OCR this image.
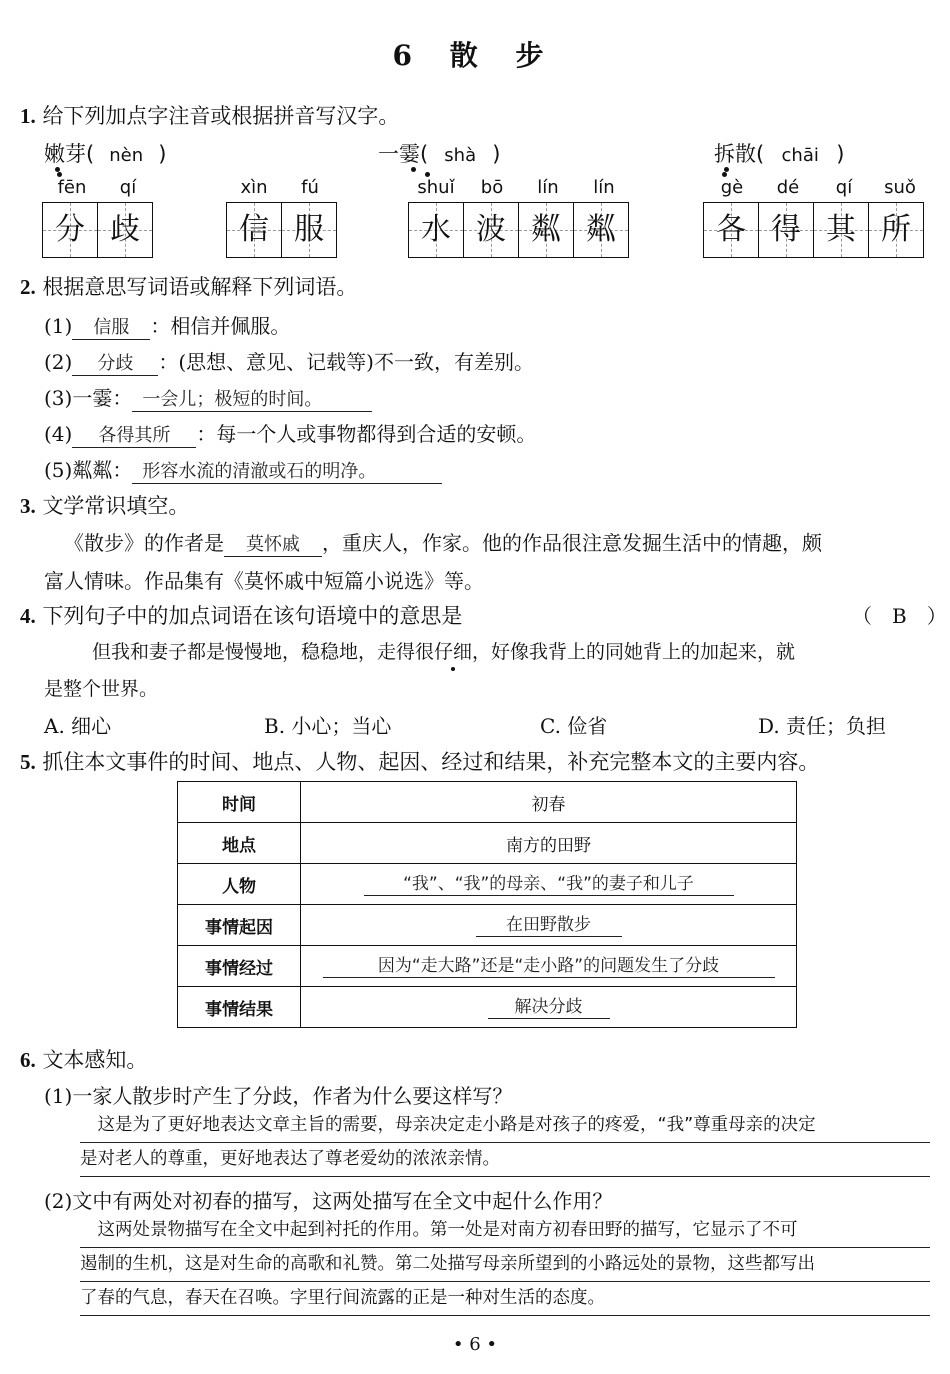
6 散 步
1. 给下列加点字注音或根据拼音写汉字。
嫩芽( nèn )	一霎( shà )	拆散( chāi )
fēn	qí	xìn	fú	shuǐ	bō	lín	lín	gè	dé	qí	suǒ
分 歧	信 服	水 波 粼 粼	各 得 其 所
2. 根据意思写词语或解释下列词语。
(1) 信服 ：相信并佩服。
(2) 分歧 ：(思想、意见、记载等)不一致，有差别。
(3)一霎： 一会儿；极短的时间。
(4) 各得其所 ：每一个人或事物都得到合适的安顿。
(5)粼粼： 形容水流的清澈或石的明净。
3. 文学常识填空。
《散步》的作者是 莫怀戚 ，重庆人，作家。他的作品很注意发掘生活中的情趣，颇
富人情味。作品集有《莫怀戚中短篇小说选》等。
4. 下列句子中的加点词语在该句语境中的意思是	（　B　）
但我和妻子都是慢慢地，稳稳地，走得很仔细，好像我背上的同她背上的加起来，就
是整个世界。
A. 细心	B. 小心；当心	C. 俭省	D. 责任；负担
5. 抓住本文事件的时间、地点、人物、起因、经过和结果，补充完整本文的主要内容。
时间	初春
地点	南方的田野
人物	“我”、“我”的母亲、“我”的妻子和儿子
事情起因	在田野散步
事情经过	因为“走大路”还是“走小路”的问题发生了分歧
事情结果	解决分歧
6. 文本感知。
(1)一家人散步时产生了分歧，作者为什么要这样写？
　这是为了更好地表达文章主旨的需要，母亲决定走小路是对孩子的疼爱，“我”尊重母亲的决定
是对老人的尊重，更好地表达了尊老爱幼的浓浓亲情。
(2)文中有两处对初春的描写，这两处描写在全文中起什么作用？
　这两处景物描写在全文中起到衬托的作用。第一处是对南方初春田野的描写，它显示了不可
遏制的生机，这是对生命的高歌和礼赞。第二处描写母亲所望到的小路远处的景物，这些都写出
了春的气息，春天在召唤。字里行间流露的正是一种对生活的态度。
• 6 •
